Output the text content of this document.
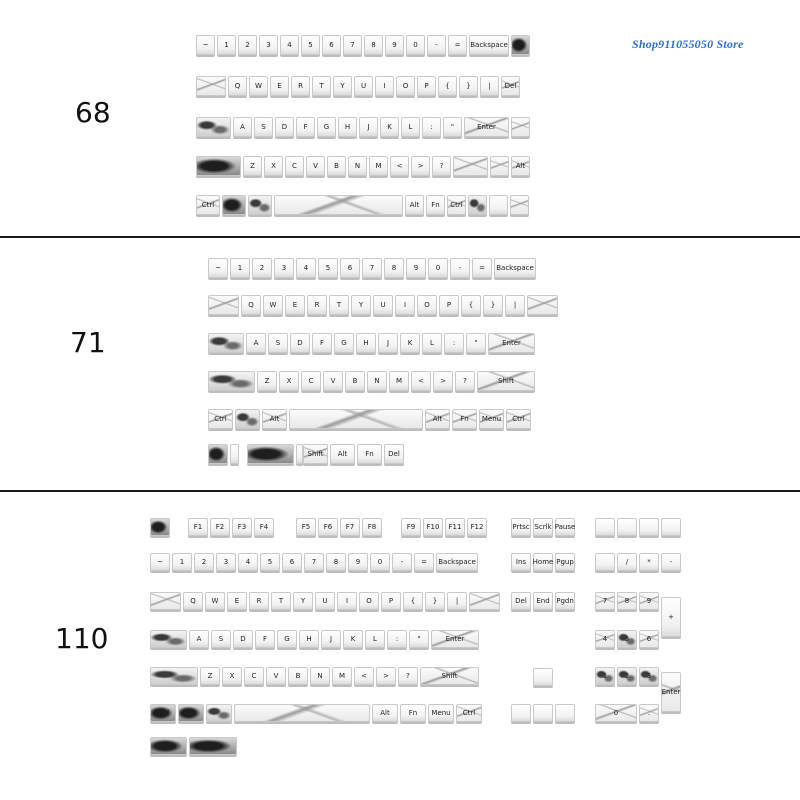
Shop911055050 Store
68
71
110
~	1	2	3	4	5	6	7	8	9	0	-	=	Backspace
Q	W	E	R	T	Y	U	I	O	P	{	}	|	Del
A	S	D	F	G	H	J	K	L	:	"	Enter
Z	X	C	V	B	N	M	<	>	?	Alt
Ctrl	Alt	Fn	Ctrl
~	1	2	3	4	5	6	7	8	9	0	-	=	Backspace
Q	W	E	R	T	Y	U	I	O	P	{	}	|
A	S	D	F	G	H	J	K	L	:	"	Enter
Z	X	C	V	B	N	M	<	>	?	Shift
Ctrl	Alt	Alt	Fn	Menu	Ctrl
Shift	Alt	Fn	Del
F1	F2	F3	F4	F5	F6	F7	F8	F9	F10	F11	F12	Prtsc Scrlk Pause
~	1	2	3	4	5	6	7	8	9	0	-	=	Backspace	Ins Home Pgup	/	*	-
Q	W	E	R	T	Y	U	I	O	P	{	}	|	Del	End Pgdn	7	8	9
+
A	S	D	F	G	H	J	K	L	:	"	Enter	4	5	6
Z	X	C	V	B	N	M	<	>	?	Shift	1	2	3
Enter
Ctrl	Alt	Fn	Menu	Ctrl	0	.
